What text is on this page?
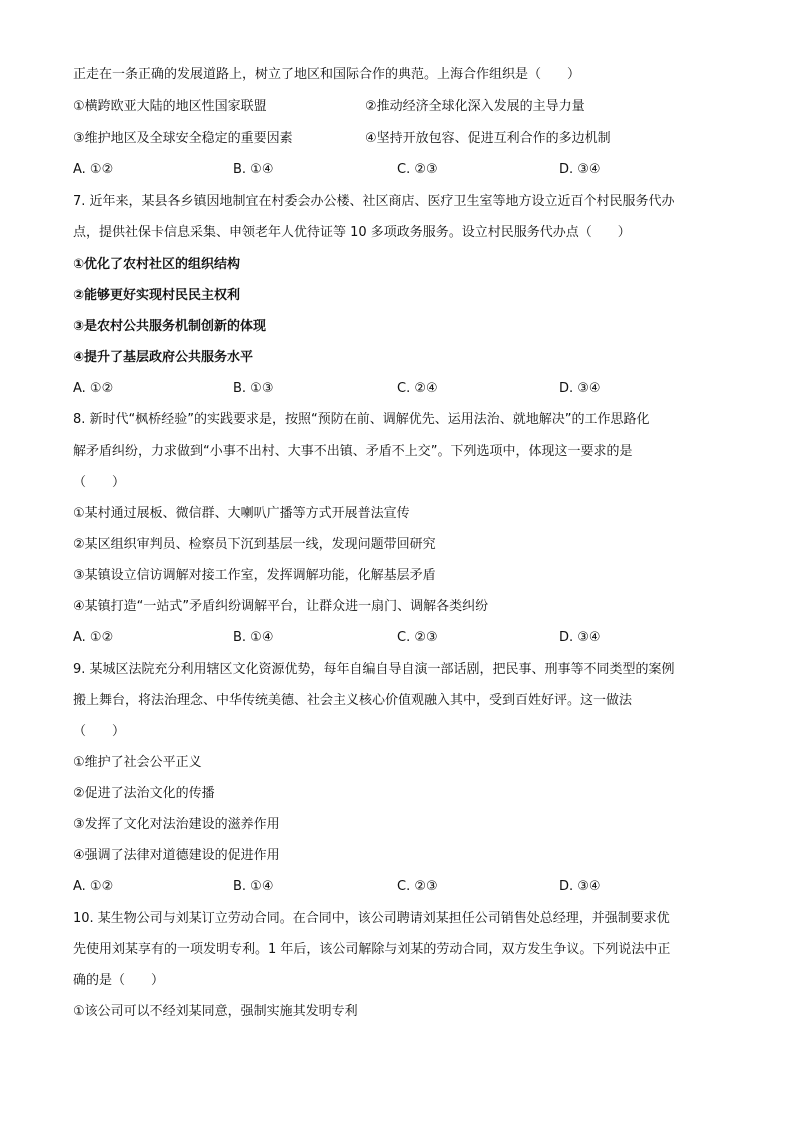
正走在一条正确的发展道路上，树立了地区和国际合作的典范。上海合作组织是（　　）
①横跨欧亚大陆的地区性国家联盟	②推动经济全球化深入发展的主导力量
③维护地区及全球安全稳定的重要因素	④坚持开放包容、促进互利合作的多边机制
A. ①②	B. ①④	C. ②③	D. ③④
7. 近年来，某县各乡镇因地制宜在村委会办公楼、社区商店、医疗卫生室等地方设立近百个村民服务代办
点，提供社保卡信息采集、申领老年人优待证等 10 多项政务服务。设立村民服务代办点（　　）
①优化了农村社区的组织结构
②能够更好实现村民民主权利
③是农村公共服务机制创新的体现
④提升了基层政府公共服务水平
A. ①②	B. ①③	C. ②④	D. ③④
8. 新时代“枫桥经验”的实践要求是，按照“预防在前、调解优先、运用法治、就地解决”的工作思路化
解矛盾纠纷，力求做到“小事不出村、大事不出镇、矛盾不上交”。下列选项中，体现这一要求的是
（　　）
①某村通过展板、微信群、大喇叭广播等方式开展普法宣传
②某区组织审判员、检察员下沉到基层一线，发现问题带回研究
③某镇设立信访调解对接工作室，发挥调解功能，化解基层矛盾
④某镇打造“一站式”矛盾纠纷调解平台，让群众进一扇门、调解各类纠纷
A. ①②	B. ①④	C. ②③	D. ③④
9. 某城区法院充分利用辖区文化资源优势，每年自编自导自演一部话剧，把民事、刑事等不同类型的案例
搬上舞台，将法治理念、中华传统美德、社会主义核心价值观融入其中，受到百姓好评。这一做法
（　　）
①维护了社会公平正义
②促进了法治文化的传播
③发挥了文化对法治建设的滋养作用
④强调了法律对道德建设的促进作用
A. ①②	B. ①④	C. ②③	D. ③④
10. 某生物公司与刘某订立劳动合同。在合同中，该公司聘请刘某担任公司销售处总经理，并强制要求优
先使用刘某享有的一项发明专利。1 年后，该公司解除与刘某的劳动合同，双方发生争议。下列说法中正
确的是（　　）
①该公司可以不经刘某同意，强制实施其发明专利
